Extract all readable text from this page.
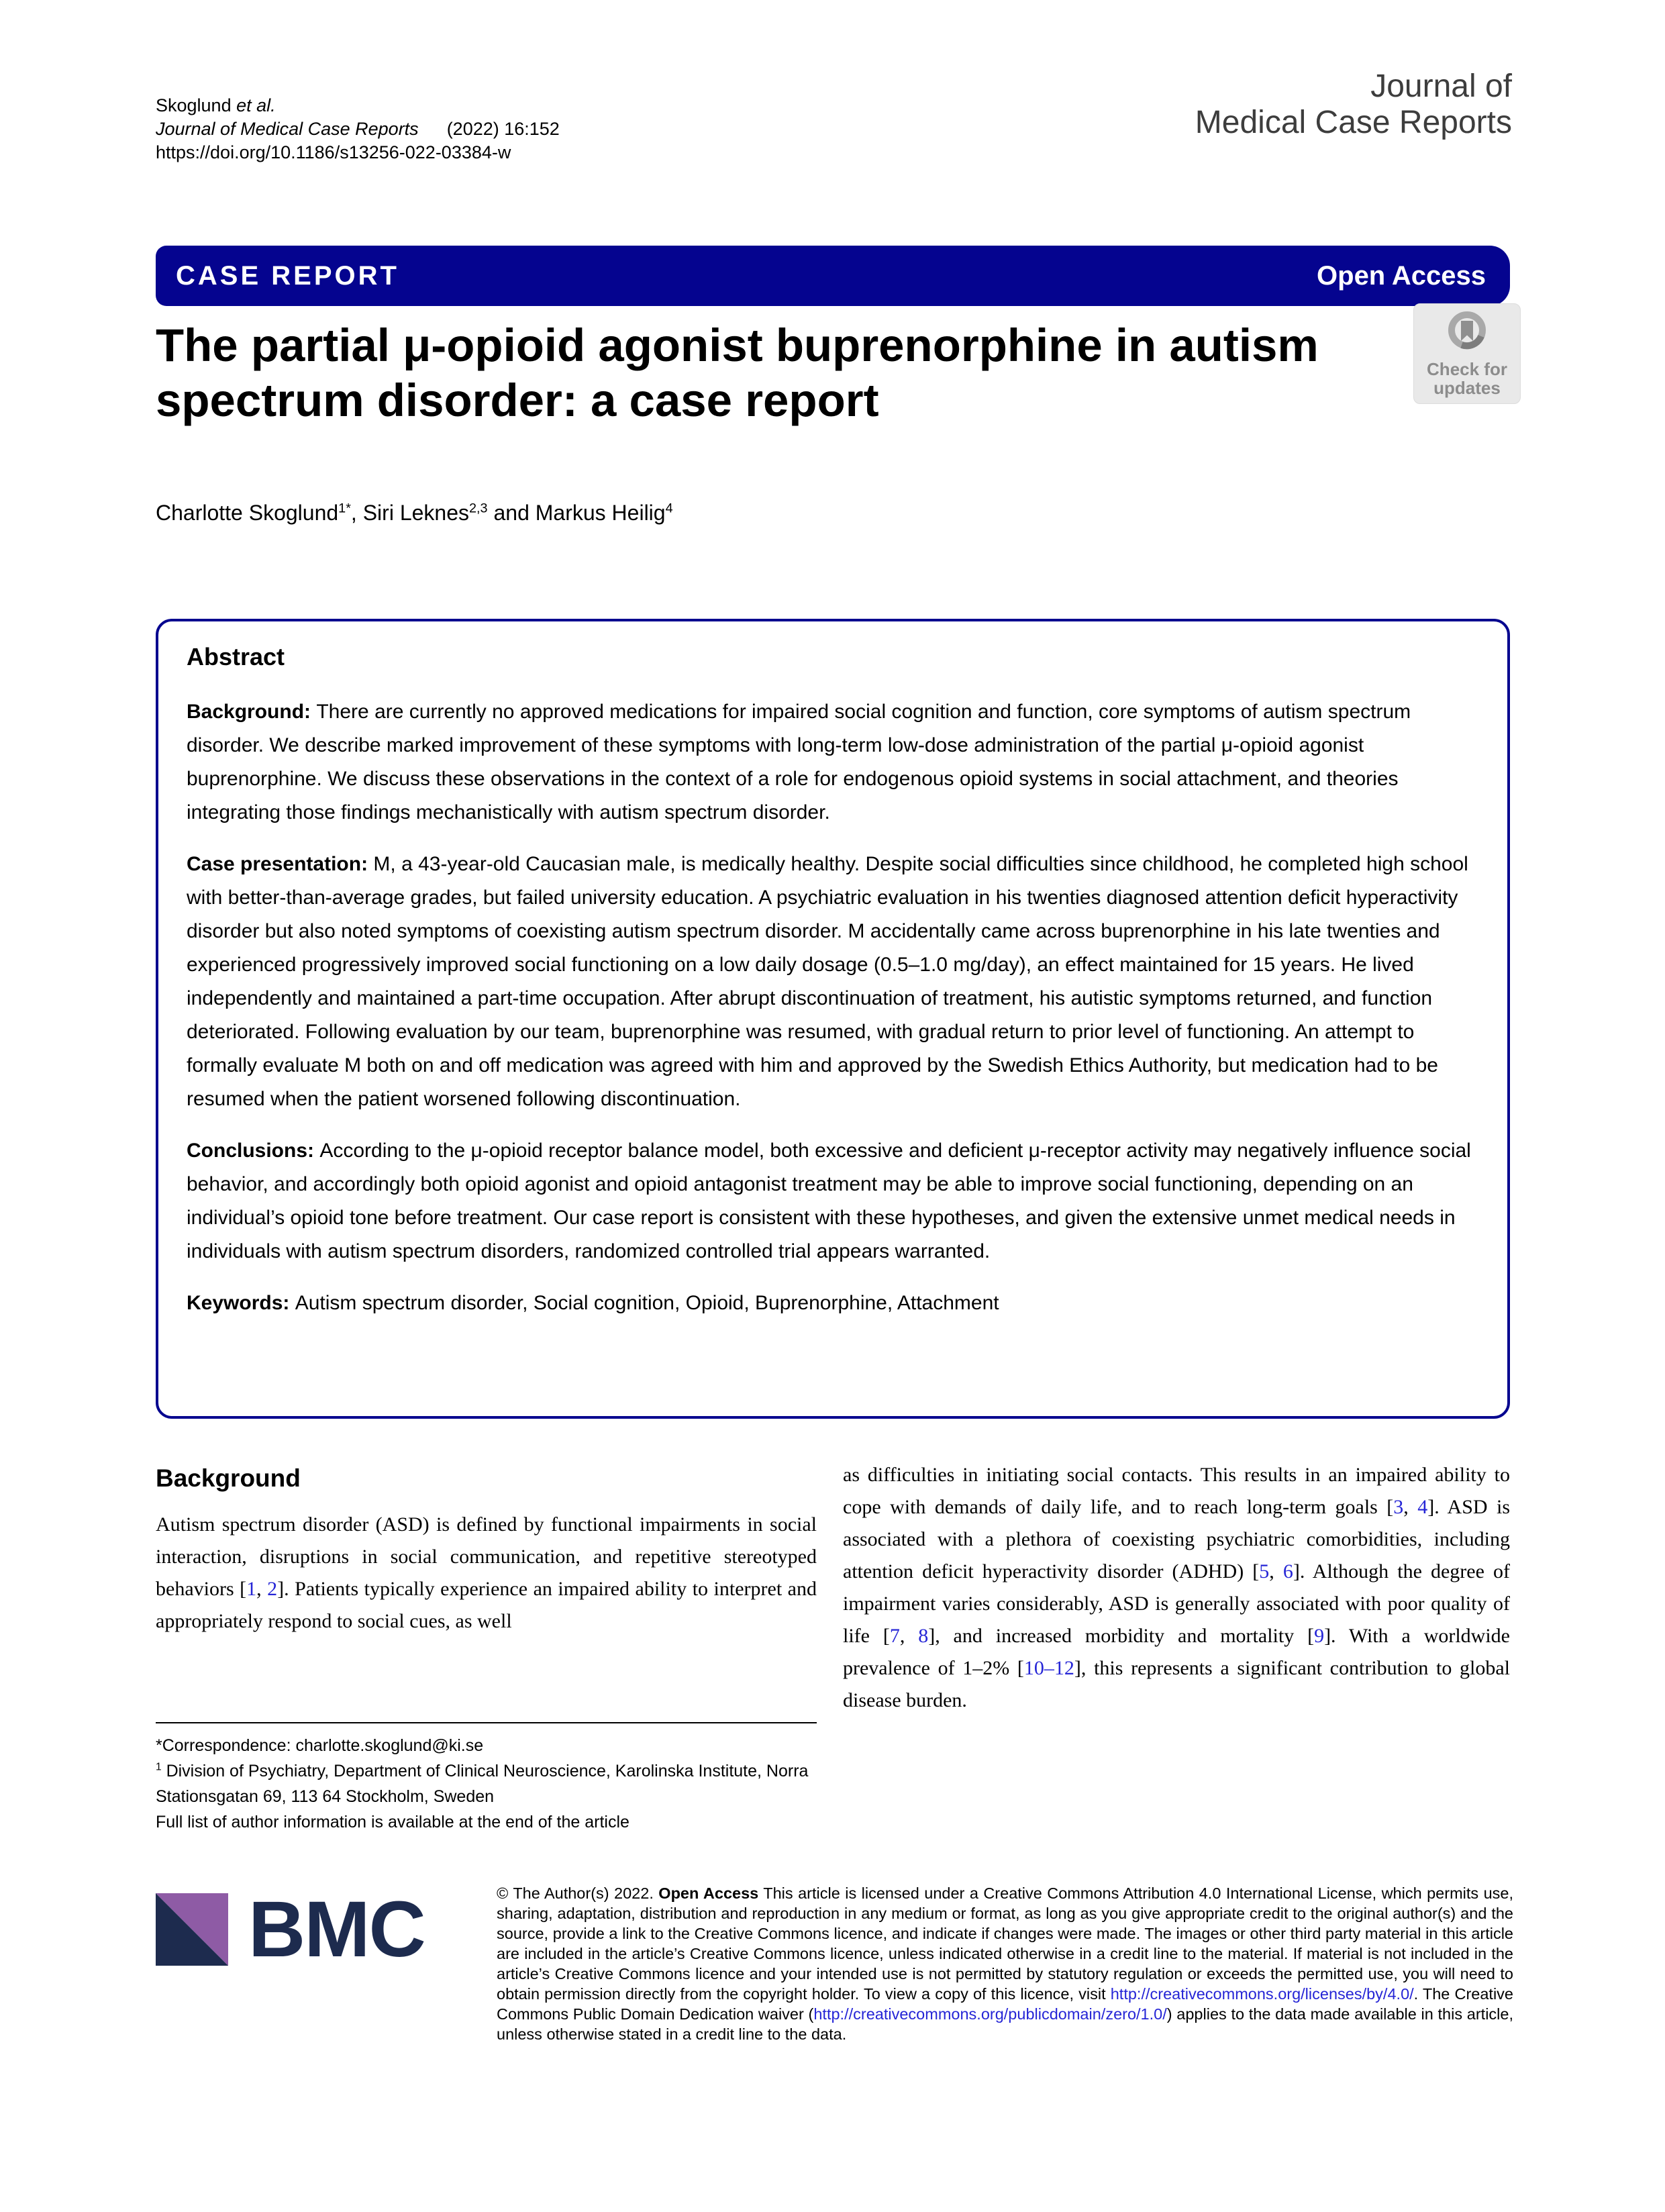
Skoglund et al.
Journal of Medical Case Reports (2022) 16:152
https://doi.org/10.1186/s13256-022-03384-w
Journal of
Medical Case Reports
CASE REPORT	Open Access
Check for
updates
The partial μ-opioid agonist buprenorphine in autism spectrum disorder: a case report
Charlotte Skoglund$^{1*}$, Siri Leknes$^{2,3}$ and Markus Heilig$^4$
Abstract

Background: There are currently no approved medications for impaired social cognition and function, core symptoms of autism spectrum disorder. We describe marked improvement of these symptoms with long-term low-dose administration of the partial μ-opioid agonist buprenorphine. We discuss these observations in the context of a role for endogenous opioid systems in social attachment, and theories integrating those findings mechanistically with autism spectrum disorder.

Case presentation: M, a 43-year-old Caucasian male, is medically healthy. Despite social difficulties since childhood, he completed high school with better-than-average grades, but failed university education. A psychiatric evaluation in his twenties diagnosed attention deficit hyperactivity disorder but also noted symptoms of coexisting autism spectrum disorder. M accidentally came across buprenorphine in his late twenties and experienced progressively improved social functioning on a low daily dosage (0.5–1.0 mg/day), an effect maintained for 15 years. He lived independently and maintained a part-time occupation. After abrupt discontinuation of treatment, his autistic symptoms returned, and function deteriorated. Following evaluation by our team, buprenorphine was resumed, with gradual return to prior level of functioning. An attempt to formally evaluate M both on and off medication was agreed with him and approved by the Swedish Ethics Authority, but medication had to be resumed when the patient worsened following discontinuation.

Conclusions: According to the μ-opioid receptor balance model, both excessive and deficient μ-receptor activity may negatively influence social behavior, and accordingly both opioid agonist and opioid antagonist treatment may be able to improve social functioning, depending on an individual’s opioid tone before treatment. Our case report is consistent with these hypotheses, and given the extensive unmet medical needs in individuals with autism spectrum disorders, randomized controlled trial appears warranted.

Keywords: Autism spectrum disorder, Social cognition, Opioid, Buprenorphine, Attachment

Background

Autism spectrum disorder (ASD) is defined by functional impairments in social interaction, disruptions in social communication, and repetitive stereotyped behaviors [1, 2]. Patients typically experience an impaired ability to interpret and appropriately respond to social cues, as well

as difficulties in initiating social contacts. This results in an impaired ability to cope with demands of daily life, and to reach long-term goals [3, 4]. ASD is associated with a plethora of coexisting psychiatric comorbidities, including attention deficit hyperactivity disorder (ADHD) [5, 6]. Although the degree of impairment varies considerably, ASD is generally associated with poor quality of life [7, 8], and increased morbidity and mortality [9]. With a worldwide prevalence of 1–2% [10–12], this represents a significant contribution to global disease burden.

*Correspondence: charlotte.skoglund@ki.se
$^1$ Division of Psychiatry, Department of Clinical Neuroscience, Karolinska Institute, Norra Stationsgatan 69, 113 64 Stockholm, Sweden
Full list of author information is available at the end of the article
BMC	© The Author(s) 2022. Open Access This article is licensed under a Creative Commons Attribution 4.0 International License, which permits use, sharing, adaptation, distribution and reproduction in any medium or format, as long as you give appropriate credit to the original author(s) and the source, provide a link to the Creative Commons licence, and indicate if changes were made. The images or other third party material in this article are included in the article’s Creative Commons licence, unless indicated otherwise in a credit line to the material. If material is not included in the article’s Creative Commons licence and your intended use is not permitted by statutory regulation or exceeds the permitted use, you will need to obtain permission directly from the copyright holder. To view a copy of this licence, visit http://creativecommons.org/licenses/by/4.0/. The Creative Commons Public Domain Dedication waiver (http://creativecommons.org/publicdomain/zero/1.0/) applies to the data made available in this article, unless otherwise stated in a credit line to the data.
